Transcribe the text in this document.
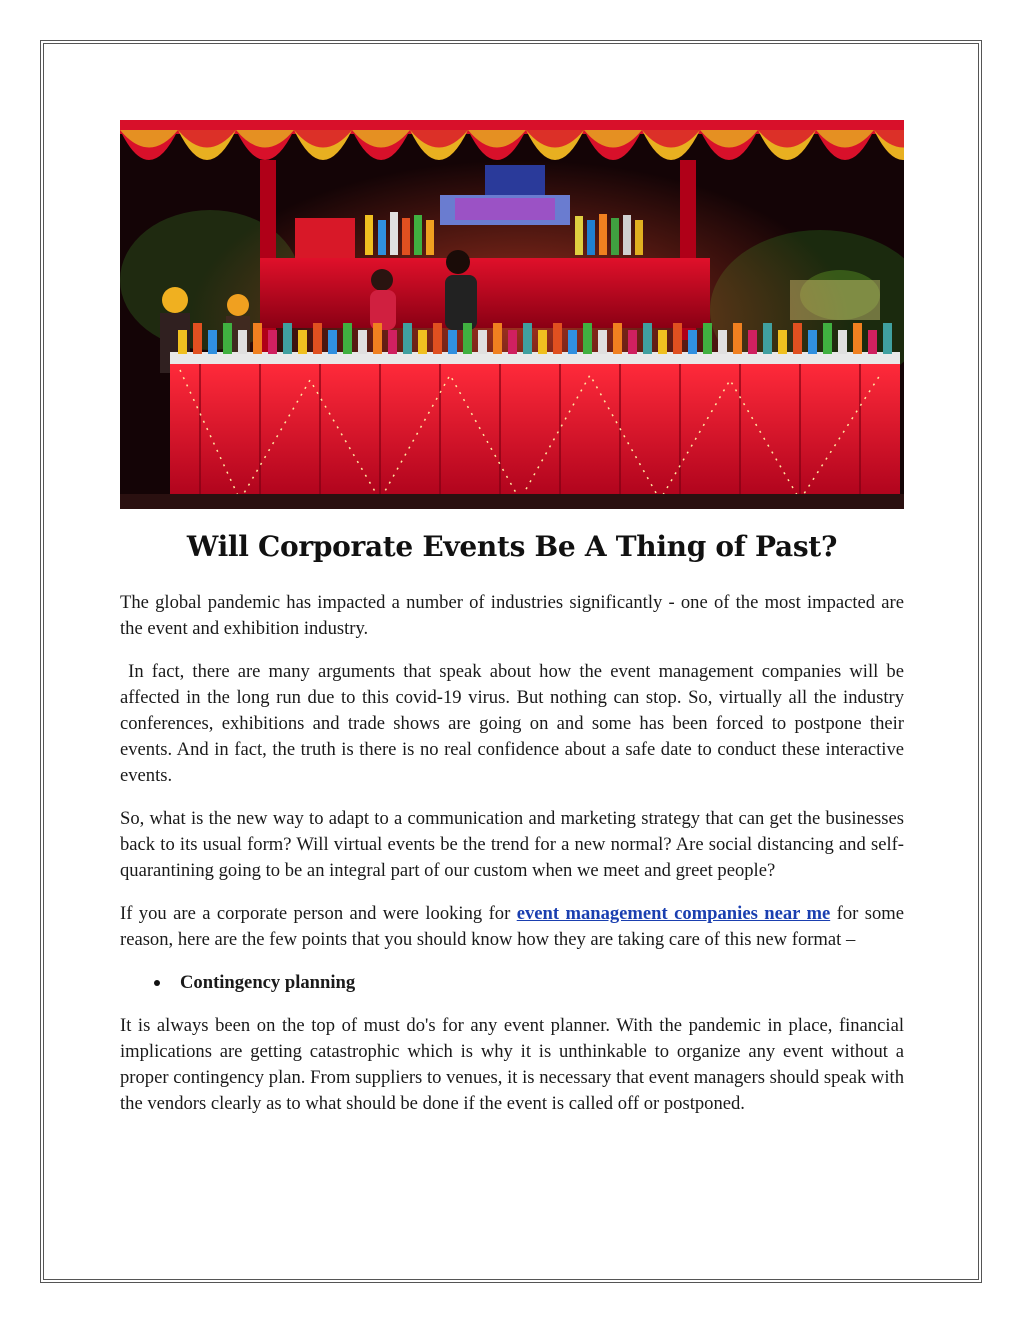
Will Corporate Events Be A Thing of Past?

The global pandemic has impacted a number of industries significantly - one of the most impacted are the event and exhibition industry.

In fact, there are many arguments that speak about how the event management companies will be affected in the long run due to this covid-19 virus. But nothing can stop. So, virtually all the industry conferences, exhibitions and trade shows are going on and some has been forced to postpone their events. And in fact, the truth is there is no real confidence about a safe date to conduct these interactive events.

So, what is the new way to adapt to a communication and marketing strategy that can get the businesses back to its usual form? Will virtual events be the trend for a new normal? Are social distancing and self-quarantining going to be an integral part of our custom when we meet and greet people?

If you are a corporate person and were looking for event management companies near me for some reason, here are the few points that you should know how they are taking care of this new format –

Contingency planning

It is always been on the top of must do's for any event planner. With the pandemic in place, financial implications are getting catastrophic which is why it is unthinkable to organize any event without a proper contingency plan. From suppliers to venues, it is necessary that event managers should speak with the vendors clearly as to what should be done if the event is called off or postponed.
